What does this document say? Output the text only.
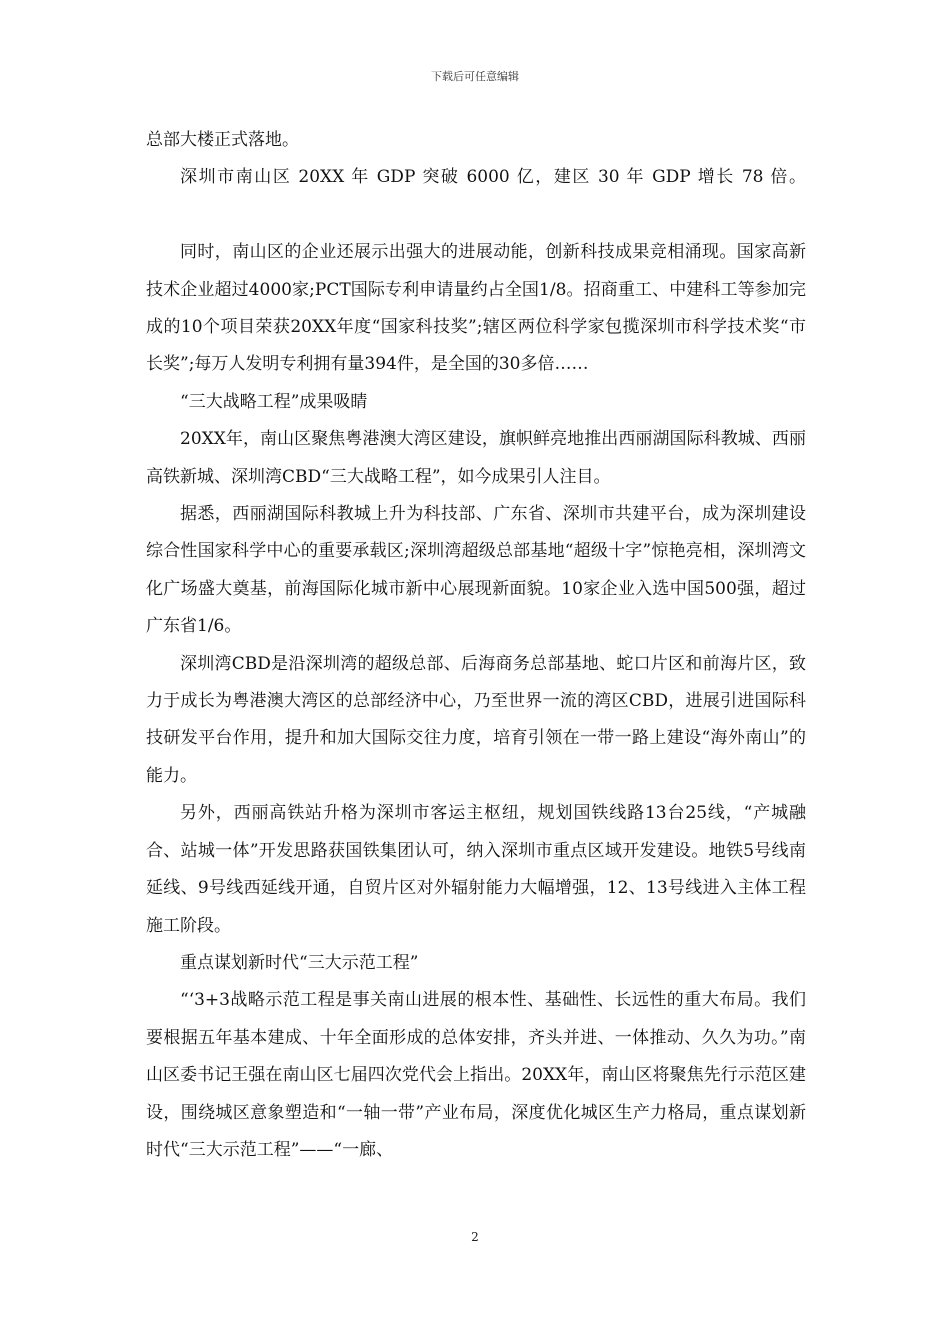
下载后可任意编辑

总部大楼正式落地。

深圳市南山区 20XX 年 GDP 突破 6000 亿，建区 30 年 GDP 增长 78 倍。

同时，南山区的企业还展示出强大的进展动能，创新科技成果竞相涌现。国家高新技术企业超过4000家;PCT国际专利申请量约占全国1/8。招商重工、中建科工等参加完成的10个项目荣获20XX年度“国家科技奖”;辖区两位科学家包揽深圳市科学技术奖“市长奖”;每万人发明专利拥有量394件，是全国的30多倍……

“三大战略工程”成果吸睛

20XX年，南山区聚焦粤港澳大湾区建设，旗帜鲜亮地推出西丽湖国际科教城、西丽高铁新城、深圳湾CBD“三大战略工程”，如今成果引人注目。

据悉，西丽湖国际科教城上升为科技部、广东省、深圳市共建平台，成为深圳建设综合性国家科学中心的重要承载区;深圳湾超级总部基地“超级十字”惊艳亮相，深圳湾文化广场盛大奠基，前海国际化城市新中心展现新面貌。10家企业入选中国500强，超过广东省1/6。

深圳湾CBD是沿深圳湾的超级总部、后海商务总部基地、蛇口片区和前海片区，致力于成长为粤港澳大湾区的总部经济中心，乃至世界一流的湾区CBD，进展引进国际科技研发平台作用，提升和加大国际交往力度，培育引领在一带一路上建设“海外南山”的能力。

另外，西丽高铁站升格为深圳市客运主枢纽，规划国铁线路13台25线，“产城融合、站城一体”开发思路获国铁集团认可，纳入深圳市重点区域开发建设。地铁5号线南延线、9号线西延线开通，自贸片区对外辐射能力大幅增强，12、13号线进入主体工程施工阶段。

重点谋划新时代“三大示范工程”

“‘3+3战略示范工程是事关南山进展的根本性、基础性、长远性的重大布局。我们要根据五年基本建成、十年全面形成的总体安排，齐头并进、一体推动、久久为功。”南山区委书记王强在南山区七届四次党代会上指出。20XX年，南山区将聚焦先行示范区建设，围绕城区意象塑造和“一轴一带”产业布局，深度优化城区生产力格局，重点谋划新时代“三大示范工程”——“一廊、

2
